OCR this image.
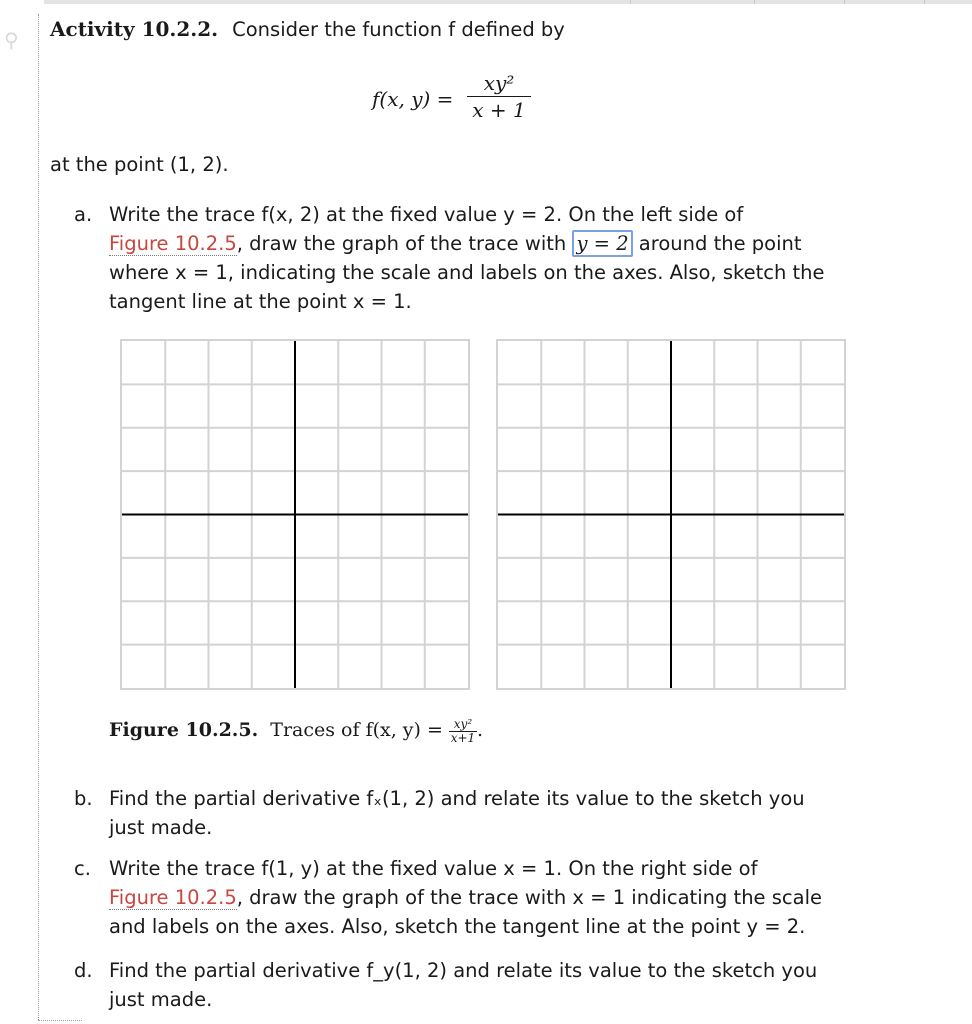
⚲ Activity 10.2.2. Consider the function f defined by
f(x, y) =
xy²
x + 1
at the point (1, 2).
a. Write the trace f(x, 2) at the fixed value y = 2. On the left side of
Figure 10.2.5, draw the graph of the trace with y = 2 around the point
where x = 1, indicating the scale and labels on the axes. Also, sketch the
tangent line at the point x = 1.
Figure 10.2.5. Traces of f(x, $y) = \frac{\text{xy²}}{x+1}$ .
b. Find the partial derivative fₓ(1, 2) and relate its value to the sketch you
just made.
c. Write the trace f(1, y) at the fixed value x = 1. On the right side of
Figure 10.2.5, draw the graph of the trace with x = 1 indicating the scale
and labels on the axes. Also, sketch the tangent line at the point y = 2.
d. Find the partial derivative f_y(1, 2) and relate its value to the sketch you
just made.
